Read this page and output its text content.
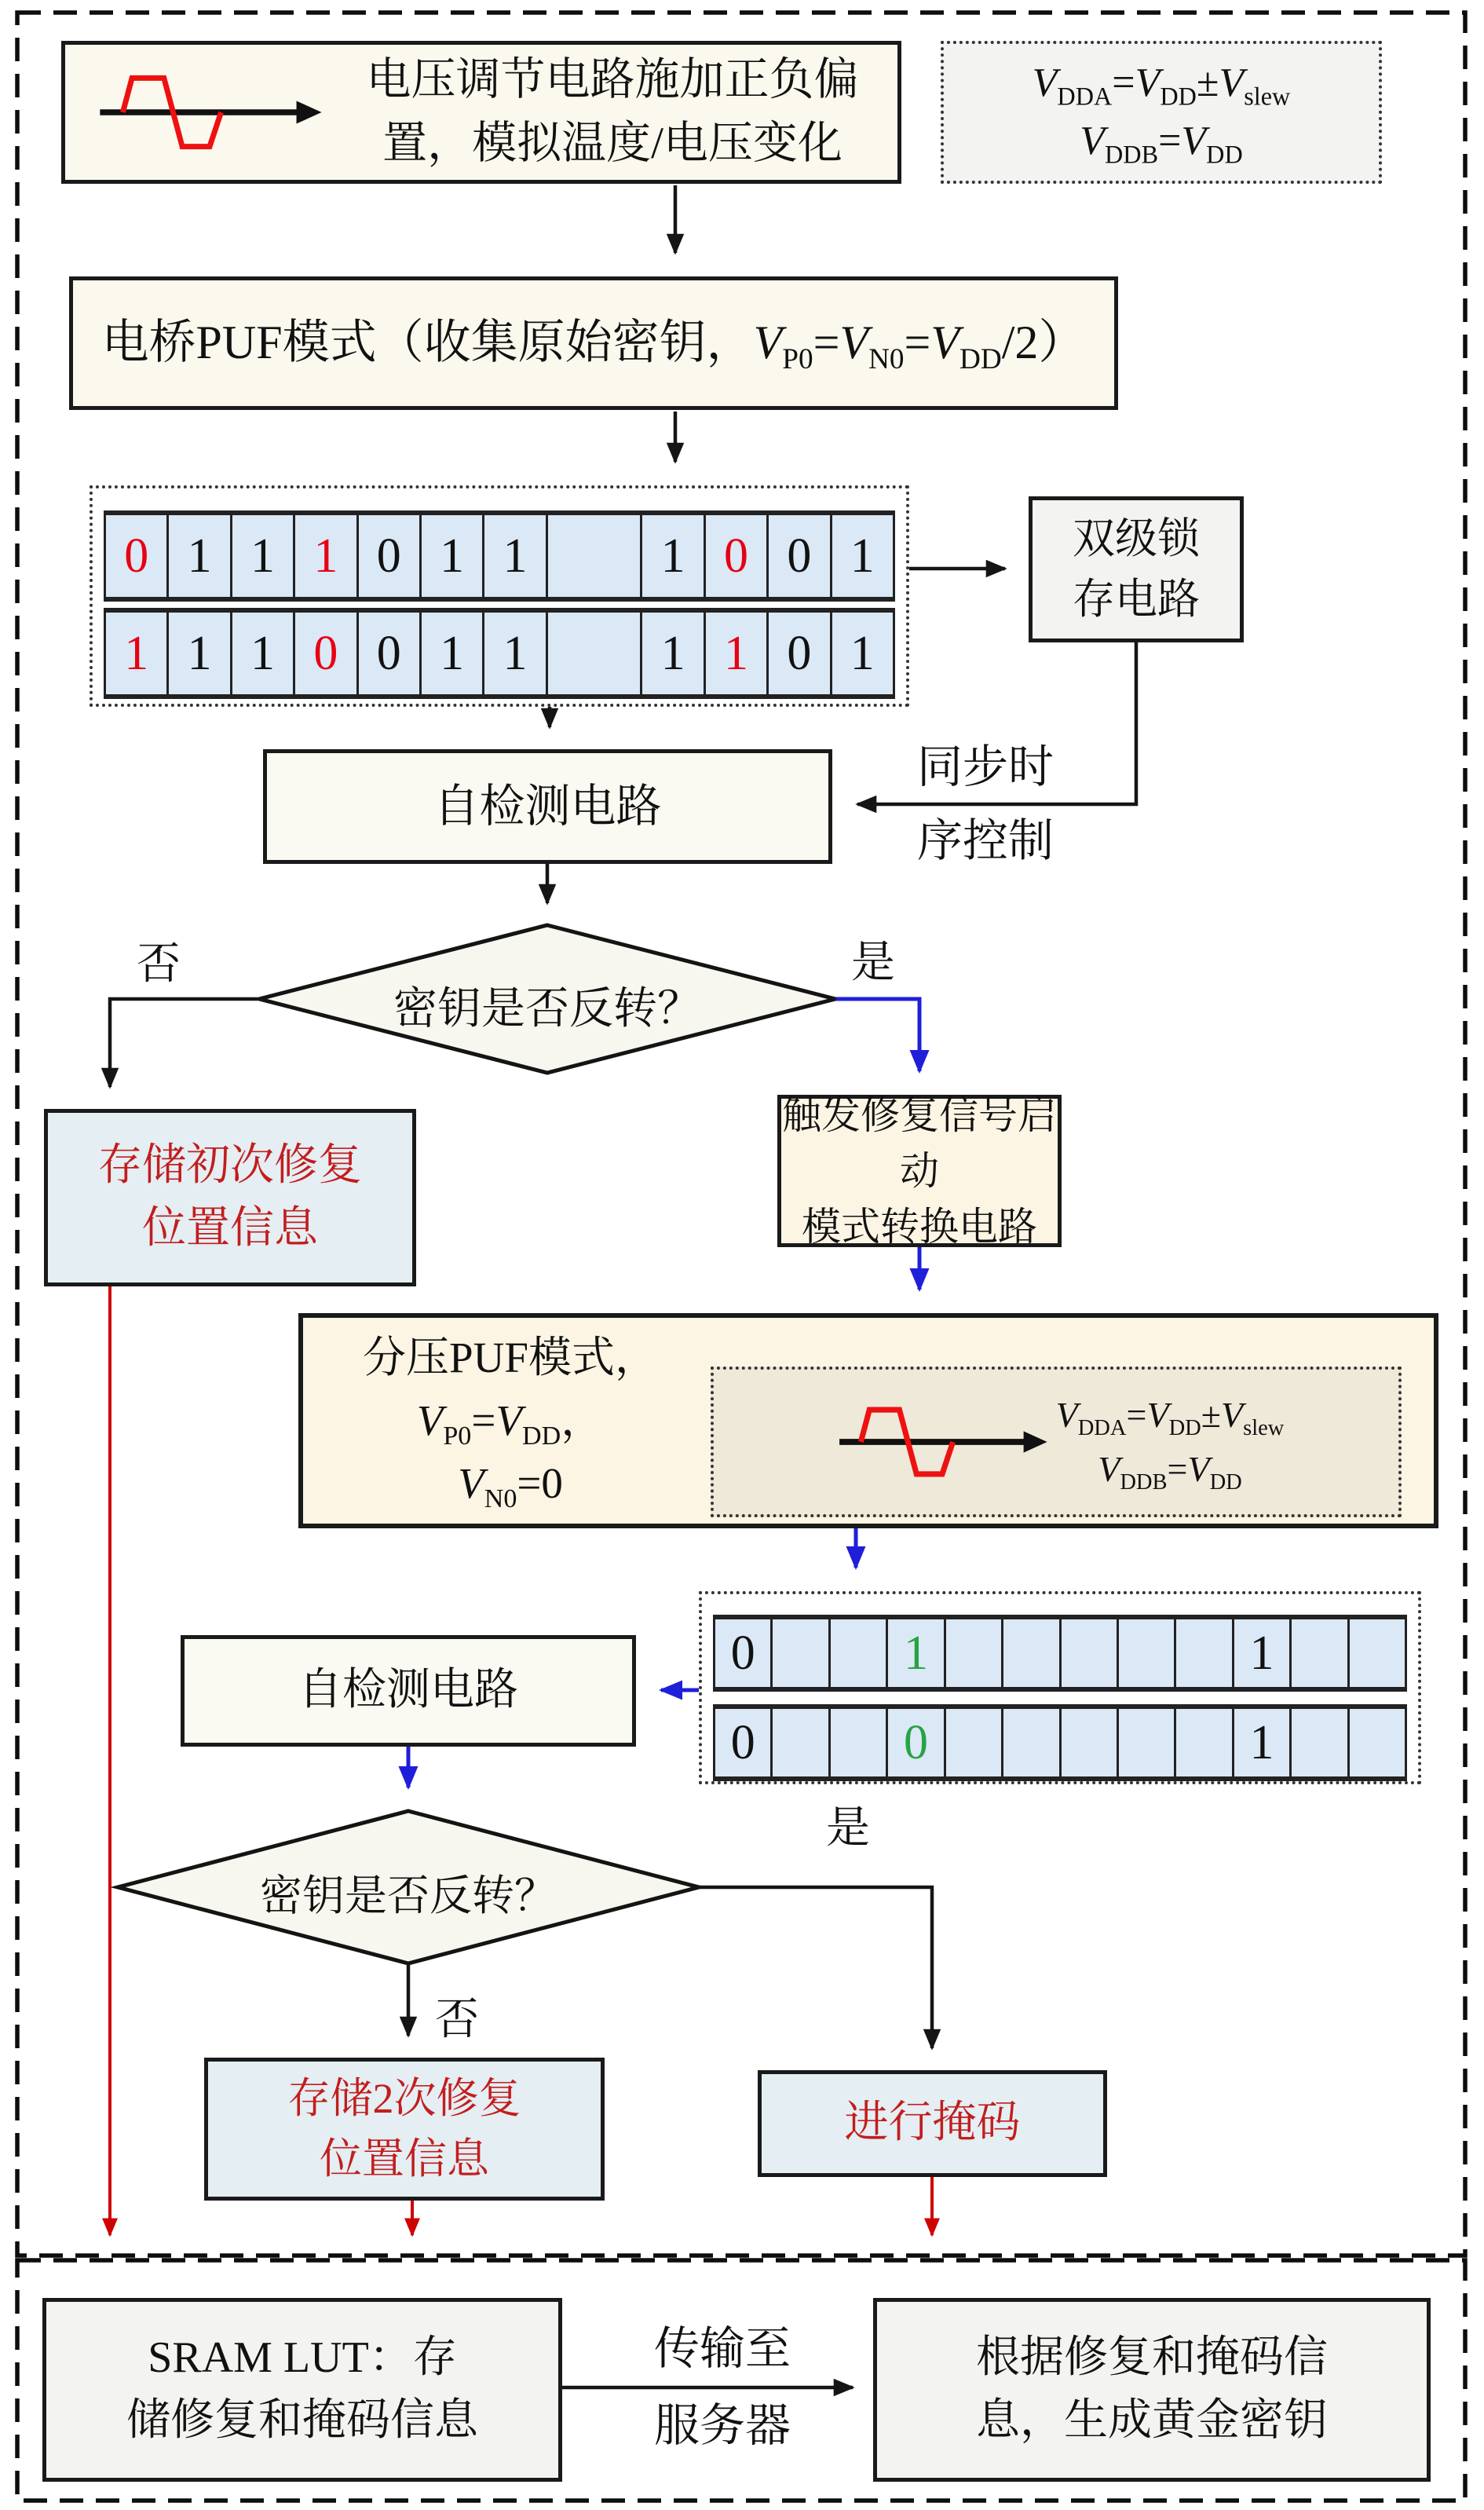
电压调节电路施加正负偏
置，模拟温度/电压变化
$V_{DDA}=V_{DD}\pm V_{slew}$
$V_{DDB}=V_{DD}$
电桥PUF模式（收集原始密钥，$V_{P0}=V_{N0}=V_{DD}/2$）
0 1 1 1 0 1 1	1 0 0 1
1 1 1 0 0 1 1	1 1 0 1
双级锁
存电路
同步时
序控制
自检测电路
密钥是否反转？
否	是
存储初次修复
位置信息
触发修复信号启动
模式转换电路
分压PUF模式，
$V_{P0}=V_{DD}$，
$V_{N0}=0$
$V_{DDA}=V_{DD}\pm V_{slew}$
$V_{DDB}=V_{DD}$
0	1	1
0	0	1
自检测电路
密钥是否反转？
否
是
存储2次修复
位置信息
进行掩码
SRAM LUT：存
储修复和掩码信息
传输至
服务器
根据修复和掩码信
息，生成黄金密钥
